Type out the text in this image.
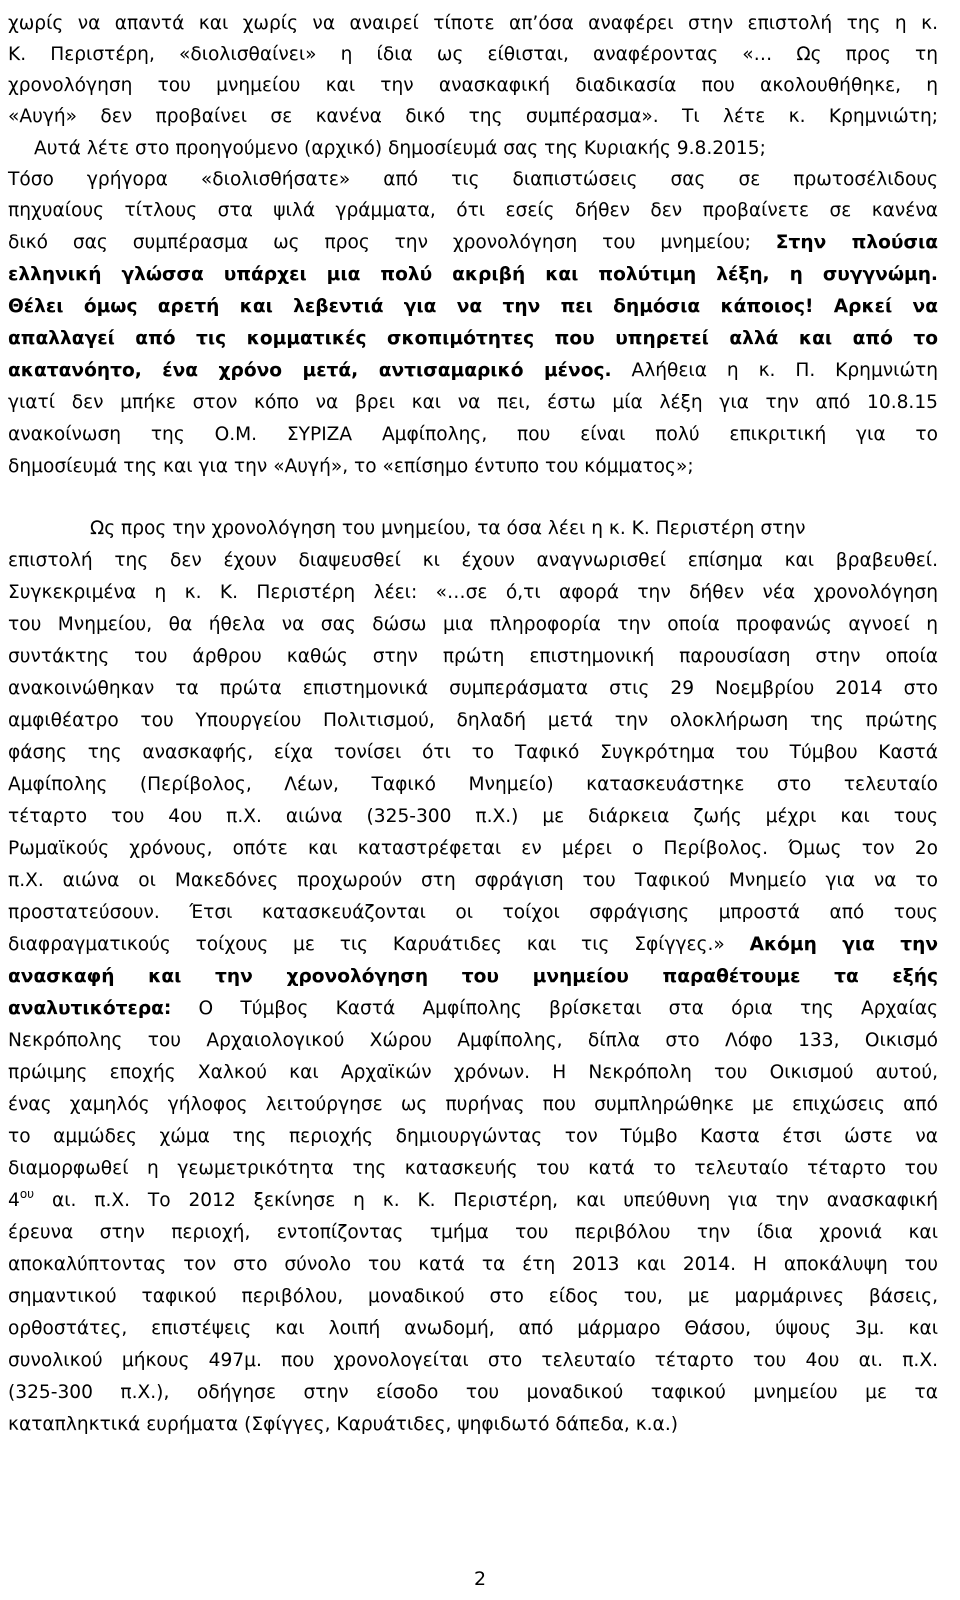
χωρίς να απαντά και χωρίς να αναιρεί τίποτε απ’όσα αναφέρει στην επιστολή της η κ.
Κ. Περιστέρη, «διολισθαίνει» η ίδια ως είθισται, αναφέροντας «… Ως προς τη
χρονολόγηση του μνημείου και την ανασκαφική διαδικασία που ακολουθήθηκε, η
«Αυγή» δεν προβαίνει σε κανένα δικό της συμπέρασμα». Τι λέτε κ. Κρημνιώτη;
Αυτά λέτε στο προηγούμενο (αρχικό) δημοσίευμά σας της Κυριακής 9.8.2015;
Τόσο γρήγορα «διολισθήσατε» από τις διαπιστώσεις σας σε πρωτοσέλιδους
πηχυαίους τίτλους στα ψιλά γράμματα, ότι εσείς δήθεν δεν προβαίνετε σε κανένα
δικό σας συμπέρασμα ως προς την χρονολόγηση του μνημείου; Στην πλούσια
ελληνική γλώσσα υπάρχει μια πολύ ακριβή και πολύτιμη λέξη, η συγγνώμη.
Θέλει όμως αρετή και λεβεντιά για να την πει δημόσια κάποιος! Αρκεί να
απαλλαγεί από τις κομματικές σκοπιμότητες που υπηρετεί αλλά και από το
ακατανόητο, ένα χρόνο μετά, αντισαμαρικό μένος. Αλήθεια η κ. Π. Κρημνιώτη
γιατί δεν μπήκε στον κόπο να βρει και να πει, έστω μία λέξη για την από 10.8.15
ανακοίνωση της Ο.Μ. ΣΥΡΙΖΑ Αμφίπολης, που είναι πολύ επικριτική για το
δημοσίευμά της και για την «Αυγή», το «επίσημο έντυπο του κόμματος»;
Ως προς την χρονολόγηση του μνημείου, τα όσα λέει η κ. Κ. Περιστέρη στην
επιστολή της δεν έχουν διαψευσθεί κι έχουν αναγνωρισθεί επίσημα και βραβευθεί.
Συγκεκριμένα η κ. Κ. Περιστέρη λέει: «…σε ό,τι αφορά την δήθεν νέα χρονολόγηση
του Μνημείου, θα ήθελα να σας δώσω μια πληροφορία την οποία προφανώς αγνοεί η
συντάκτης του άρθρου καθώς στην πρώτη επιστημονική παρουσίαση στην οποία
ανακοινώθηκαν τα πρώτα επιστημονικά συμπεράσματα στις 29 Νοεμβρίου 2014 στο
αμφιθέατρο του Υπουργείου Πολιτισμού, δηλαδή μετά την ολοκλήρωση της πρώτης
φάσης της ανασκαφής, είχα τονίσει ότι το Ταφικό Συγκρότημα του Τύμβου Καστά
Αμφίπολης (Περίβολος, Λέων, Ταφικό Μνημείο) κατασκευάστηκε στο τελευταίο
τέταρτο του 4ου π.Χ. αιώνα (325-300 π.Χ.) με διάρκεια ζωής μέχρι και τους
Ρωμαϊκούς χρόνους, οπότε και καταστρέφεται εν μέρει ο Περίβολος. Όμως τον 2ο
π.Χ. αιώνα οι Μακεδόνες προχωρούν στη σφράγιση του Ταφικού Μνημείο για να το
προστατεύσουν. Έτσι κατασκευάζονται οι τοίχοι σφράγισης μπροστά από τους
διαφραγματικούς τοίχους με τις Καρυάτιδες και τις Σφίγγες.» Ακόμη για την
ανασκαφή και την χρονολόγηση του μνημείου παραθέτουμε τα εξής
αναλυτικότερα: Ο Τύμβος Καστά Αμφίπολης βρίσκεται στα όρια της Αρχαίας
Νεκρόπολης του Αρχαιολογικού Χώρου Αμφίπολης, δίπλα στο Λόφο 133, Οικισμό
πρώιμης εποχής Χαλκού και Αρχαϊκών χρόνων. Η Νεκρόπολη του Οικισμού αυτού,
ένας χαμηλός γήλοφος λειτούργησε ως πυρήνας που συμπληρώθηκε με επιχώσεις από
το αμμώδες χώμα της περιοχής δημιουργώντας τον Τύμβο Καστα έτσι ώστε να
διαμορφωθεί η γεωμετρικότητα της κατασκευής του κατά το τελευταίο τέταρτο του
$4^{o\upsilon}$ αι. π.Χ. Το 2012 ξεκίνησε η κ. Κ. Περιστέρη, και υπεύθυνη για την ανασκαφική
έρευνα στην περιοχή, εντοπίζοντας τμήμα του περιβόλου την ίδια χρονιά και
αποκαλύπτοντας τον στο σύνολο του κατά τα έτη 2013 και 2014. Η αποκάλυψη του
σημαντικού ταφικού περιβόλου, μοναδικού στο είδος του, με μαρμάρινες βάσεις,
ορθοστάτες, επιστέψεις και λοιπή ανωδομή, από μάρμαρο Θάσου, ύψους 3μ. και
συνολικού μήκους 497μ. που χρονολογείται στο τελευταίο τέταρτο του 4ου αι. π.Χ.
(325-300 π.Χ.), οδήγησε στην είσοδο του μοναδικού ταφικού μνημείου με τα
καταπληκτικά ευρήματα (Σφίγγες, Καρυάτιδες, ψηφιδωτό δάπεδα, κ.α.)
2
